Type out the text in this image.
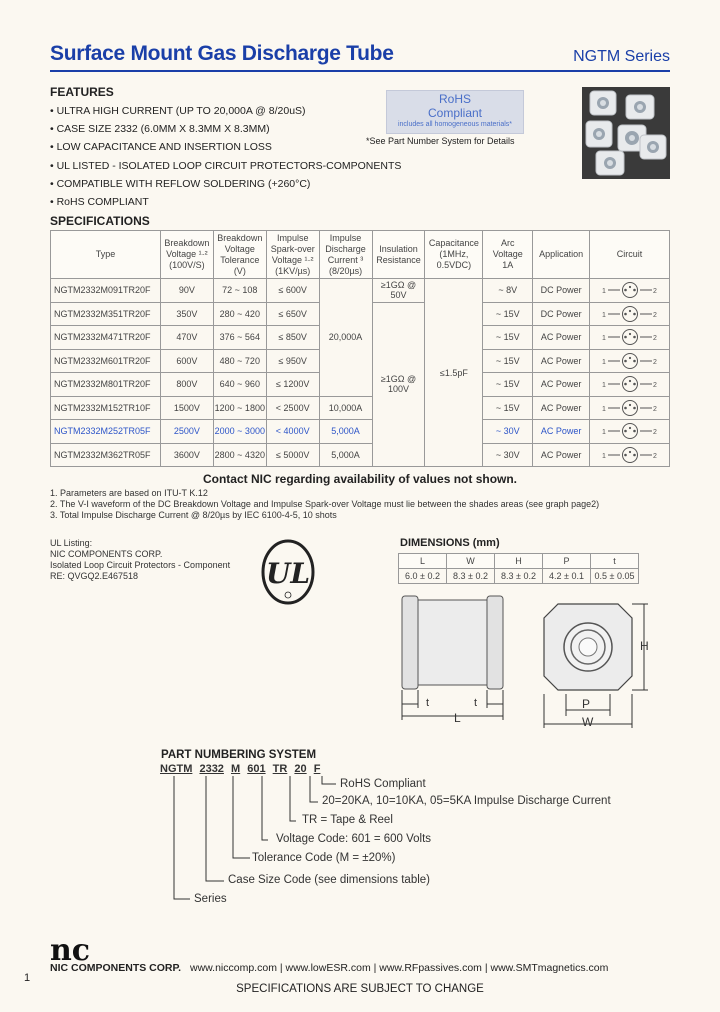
Surface Mount Gas Discharge Tube	NGTM Series
FEATURES
• ULTRA HIGH CURRENT (UP TO 20,000A @ 8/20uS)
• CASE SIZE 2332 (6.0MM X 8.3MM X 8.3MM)
• LOW CAPACITANCE AND INSERTION LOSS
• UL LISTED - ISOLATED LOOP CIRCUIT PROTECTORS-COMPONENTS
• COMPATIBLE WITH REFLOW SOLDERING (+260°C)
• RoHS COMPLIANT
RoHS
Compliant
includes all homogeneous materials*
*See Part Number System for Details
SPECIFICATIONS
Type	Breakdown
Voltage ¹·²
(100V/S)	Breakdown
Voltage
Tolerance
(V)	Impulse
Spark-over
Voltage ¹·²
(1KV/µs)	Impulse
Discharge
Current ³
(8/20µs)	Insulation
Resistance	Capacitance
(1MHz,
0.5VDC)	Arc
Voltage
1A	Application	Circuit
NGTM2332M091TR20F	90V	72 ~ 108	≤ 600V	20,000A	≥1GΩ @ 50V	≤1.5pF	~ 8V	DC Power	1 2

NGTM2332M351TR20F	350V	280 ~ 420	≤ 650V		≥1GΩ @ 100V		~ 15V	DC Power	1 2

NGTM2332M471TR20F	470V	376 ~ 564	≤ 850V				~ 15V	AC Power	1 2

NGTM2332M601TR20F	600V	480 ~ 720	≤ 950V				~ 15V	AC Power	1 2

NGTM2332M801TR20F	800V	640 ~ 960	≤ 1200V				~ 15V	AC Power	1 2

NGTM2332M152TR10F	1500V	1200 ~ 1800	< 2500V	10,000A			~ 15V	AC Power	1 2

NGTM2332M252TR05F	2500V	2000 ~ 3000	< 4000V	5,000A			~ 30V	AC Power	1 2

NGTM2332M362TR05F	3600V	2800 ~ 4320	≤ 5000V	5,000A			~ 30V	AC Power	1 2
Contact NIC regarding availability of values not shown.
1. Parameters are based on ITU-T K.12
2. The V-I waveform of the DC Breakdown Voltage and Impulse Spark-over Voltage must lie between the shades areas (see graph page2)
3. Total Impulse Discharge Current @ 8/20µs by IEC 6100-4-5, 10 shots
UL Listing:
NIC COMPONENTS CORP.
Isolated Loop Circuit Protectors - Component
RE: QVGQ2.E467518	UL
DIMENSIONS (mm)
L	W	H	P	t
6.0 ± 0.2	8.3 ± 0.2	8.3 ± 0.2	4.2 ± 0.1	0.5 ± 0.05
t	t
L
H
P
W
PART NUMBERING SYSTEM
NGTM 2332 M 601 TR 20 F
RoHS Compliant
20=20KA, 10=10KA, 05=5KA Impulse Discharge Current
TR = Tape & Reel
Voltage Code: 601 = 600 Volts
Tolerance Code (M = ±20%)
Case Size Code (see dimensions table)
Series
nc
NIC COMPONENTS CORP. www.niccomp.com | www.lowESR.com | www.RFpassives.com | www.SMTmagnetics.com
1
SPECIFICATIONS ARE SUBJECT TO CHANGE
